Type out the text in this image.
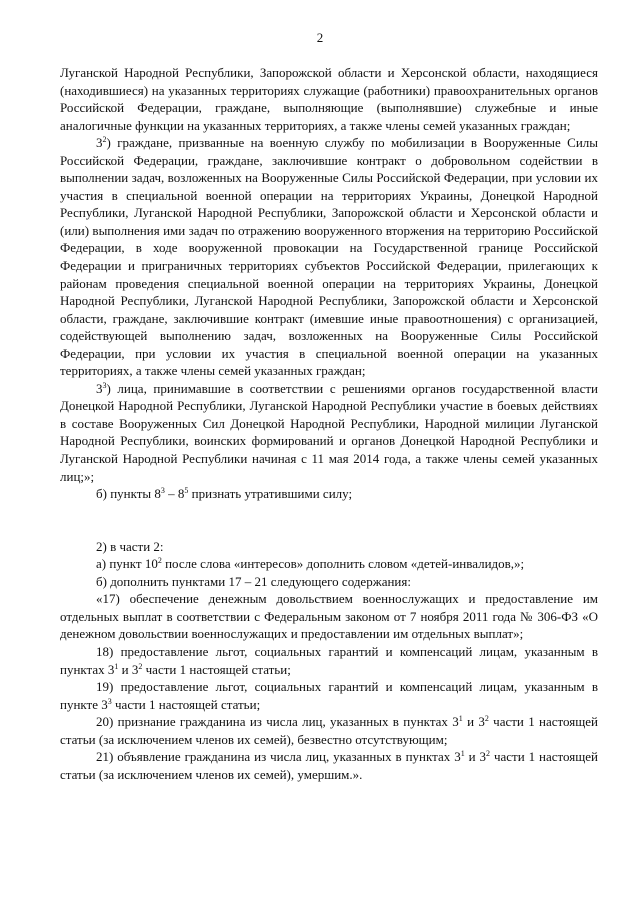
2

Луганской Народной Республики, Запорожской области и Херсонской области, находящиеся (находившиеся) на указанных территориях служащие (работники) правоохранительных органов Российской Федерации, граждане, выполняющие (выполнявшие) служебные и иные аналогичные функции на указанных территориях, а также члены семей указанных граждан;

$3^2$) граждане, призванные на военную службу по мобилизации в Вооруженные Силы Российской Федерации, граждане, заключившие контракт о добровольном содействии в выполнении задач, возложенных на Вооруженные Силы Российской Федерации, при условии их участия в специальной военной операции на территориях Украины, Донецкой Народной Республики, Луганской Народной Республики, Запорожской области и Херсонской области и (или) выполнения ими задач по отражению вооруженного вторжения на территорию Российской Федерации, в ходе вооруженной провокации на Государственной границе Российской Федерации и приграничных территориях субъектов Российской Федерации, прилегающих к районам проведения специальной военной операции на территориях Украины, Донецкой Народной Республики, Луганской Народной Республики, Запорожской области и Херсонской области, граждане, заключившие контракт (имевшие иные правоотношения) с организацией, содействующей выполнению задач, возложенных на Вооруженные Силы Российской Федерации, при условии их участия в специальной военной операции на указанных территориях, а также члены семей указанных граждан;

$3^3$) лица, принимавшие в соответствии с решениями органов государственной власти Донецкой Народной Республики, Луганской Народной Республики участие в боевых действиях в составе Вооруженных Сил Донецкой Народной Республики, Народной милиции Луганской Народной Республики, воинских формирований и органов Донецкой Народной Республики и Луганской Народной Республики начиная с 11 мая 2014 года, а также члены семей указанных лиц;»;

б) пункты $8^3 - 8^5$ признать утратившими силу;

2) в части 2:

а) пункт $10^2$ после слова «интересов» дополнить словом «детей-инвалидов,»;

б) дополнить пунктами 17 – 21 следующего содержания:

«17) обеспечение денежным довольствием военнослужащих и предоставление им отдельных выплат в соответствии с Федеральным законом от 7 ноября 2011 года № 306-ФЗ «О денежном довольствии военнослужащих и предоставлении им отдельных выплат»;

18) предоставление льгот, социальных гарантий и компенсаций лицам, указанным в пунктах $3^1$ и $3^2$ части 1 настоящей статьи;

19) предоставление льгот, социальных гарантий и компенсаций лицам, указанным в пункте $3^3$ части 1 настоящей статьи;

20) признание гражданина из числа лиц, указанных в пунктах $3^1$ и $3^2$ части 1 настоящей статьи (за исключением членов их семей), безвестно отсутствующим;

21) объявление гражданина из числа лиц, указанных в пунктах $3^1$ и $3^2$ части 1 настоящей статьи (за исключением членов их семей), умершим.».
